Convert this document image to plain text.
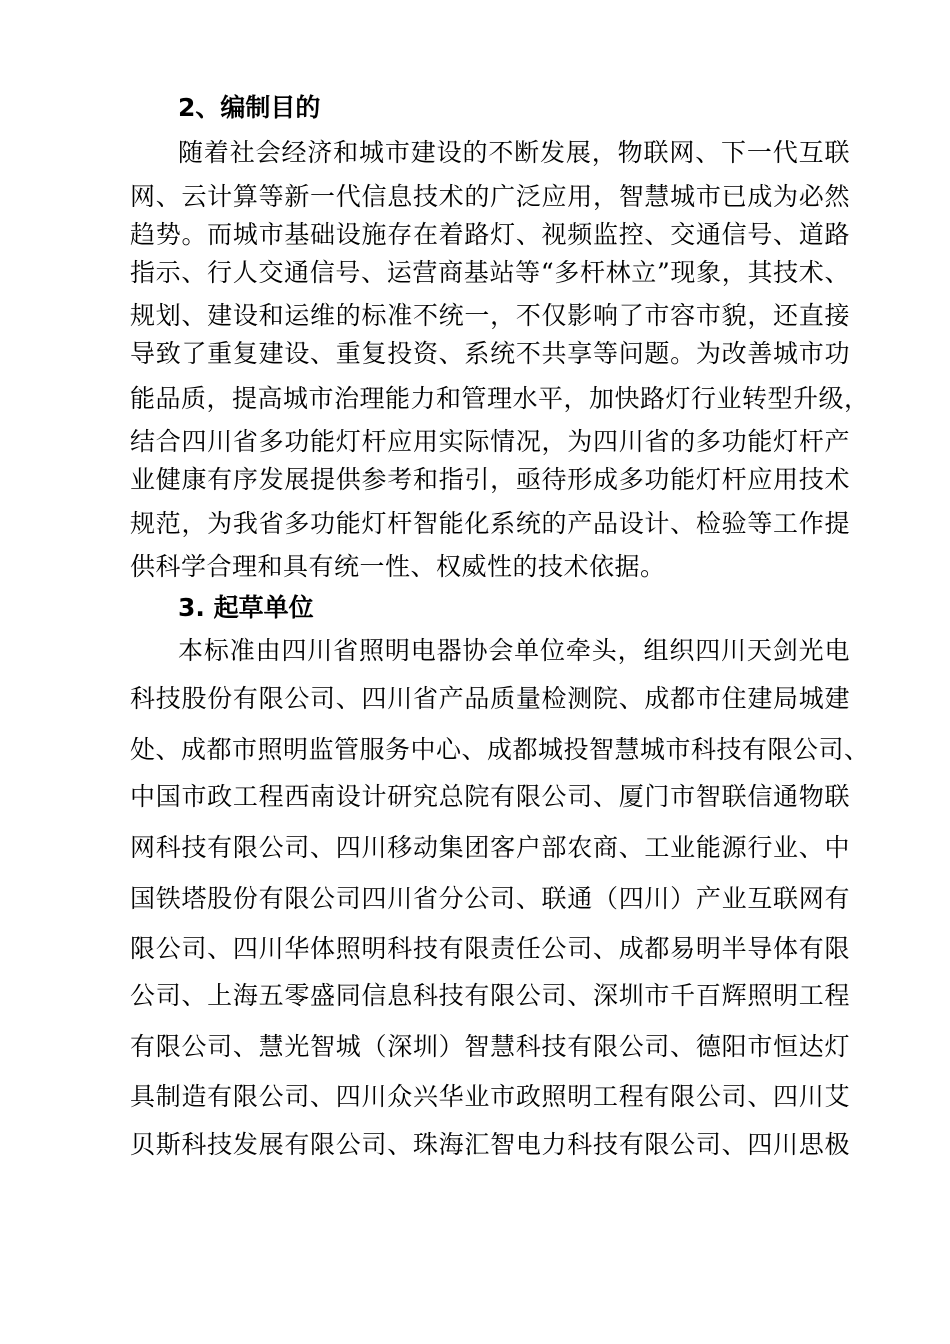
2、编制目的
随着社会经济和城市建设的不断发展，物联网、下一代互联
网、云计算等新一代信息技术的广泛应用，智慧城市已成为必然
趋势。而城市基础设施存在着路灯、视频监控、交通信号、道路
指示、行人交通信号、运营商基站等“多杆林立”现象，其技术、
规划、建设和运维的标准不统一，不仅影响了市容市貌，还直接
导致了重复建设、重复投资、系统不共享等问题。为改善城市功
能品质，提高城市治理能力和管理水平，加快路灯行业转型升级，
结合四川省多功能灯杆应用实际情况，为四川省的多功能灯杆产
业健康有序发展提供参考和指引，亟待形成多功能灯杆应用技术
规范，为我省多功能灯杆智能化系统的产品设计、检验等工作提
供科学合理和具有统一性、权威性的技术依据。
3. 起草单位
本标准由四川省照明电器协会单位牵头，组织四川天剑光电
科技股份有限公司、四川省产品质量检测院、成都市住建局城建
处、成都市照明监管服务中心、成都城投智慧城市科技有限公司、
中国市政工程西南设计研究总院有限公司、厦门市智联信通物联
网科技有限公司、四川移动集团客户部农商、工业能源行业、中
国铁塔股份有限公司四川省分公司、联通（四川）产业互联网有
限公司、四川华体照明科技有限责任公司、成都易明半导体有限
公司、上海五零盛同信息科技有限公司、深圳市千百辉照明工程
有限公司、慧光智城（深圳）智慧科技有限公司、德阳市恒达灯
具制造有限公司、四川众兴华业市政照明工程有限公司、四川艾
贝斯科技发展有限公司、珠海汇智电力科技有限公司、四川思极
